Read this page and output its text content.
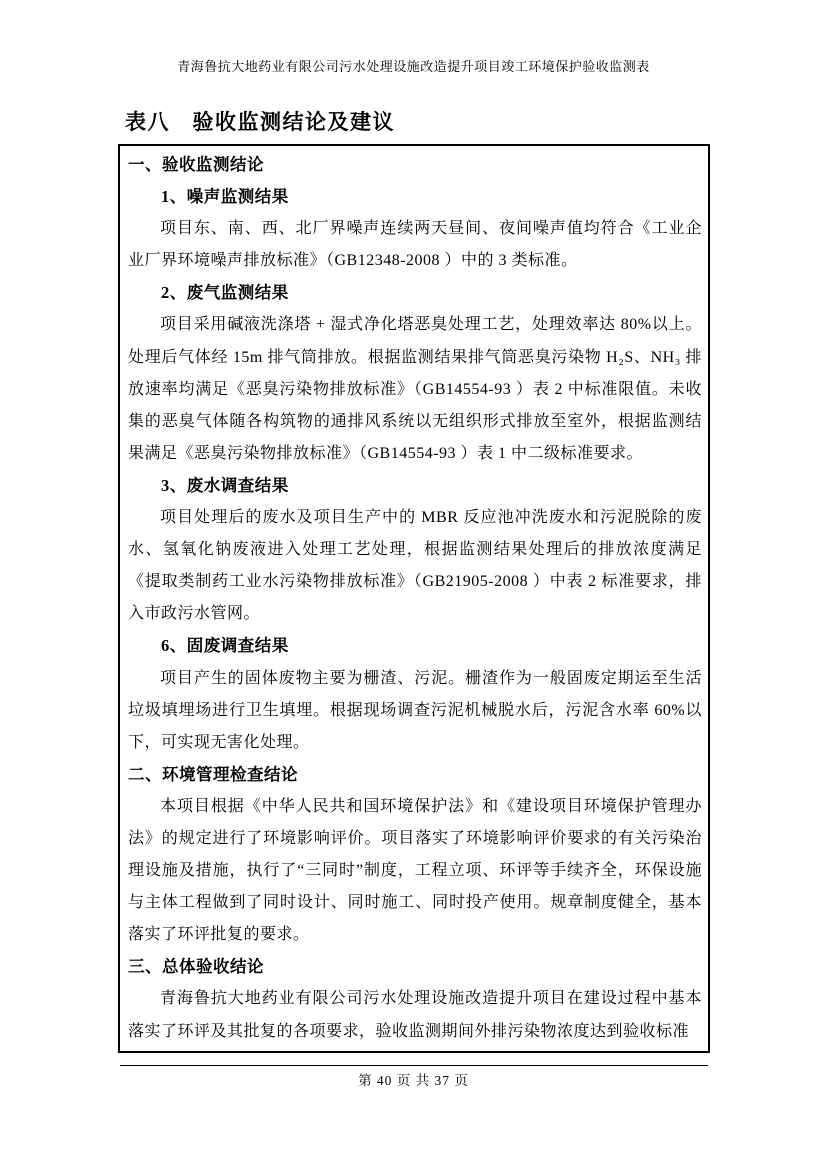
青海鲁抗大地药业有限公司污水处理设施改造提升项目竣工环境保护验收监测表
表八　验收监测结论及建议
一、验收监测结论
1、噪声监测结果

项目东、南、西、北厂界噪声连续两天昼间、夜间噪声值均符合《工业企业厂界环境噪声排放标准》（GB12348-2008 ）中的 3 类标准。

2、废气监测结果

项目采用碱液洗涤塔 + 湿式净化塔恶臭处理工艺，处理效率达 80%以上。处理后气体经 15m 排气筒排放。根据监测结果排气筒恶臭污染物 H₂S、NH₃ 排放速率均满足《恶臭污染物排放标准》（GB14554-93 ）表 2 中标准限值。未收集的恶臭气体随各构筑物的通排风系统以无组织形式排放至室外，根据监测结果满足《恶臭污染物排放标准》（GB14554-93 ）表 1 中二级标准要求。

3、废水调查结果

项目处理后的废水及项目生产中的 MBR 反应池冲洗废水和污泥脱除的废水、氢氧化钠废液进入处理工艺处理，根据监测结果处理后的排放浓度满足《提取类制药工业水污染物排放标准》（GB21905-2008 ）中表 2 标准要求，排入市政污水管网。

6、固废调查结果

项目产生的固体废物主要为栅渣、污泥。栅渣作为一般固废定期运至生活垃圾填埋场进行卫生填埋。根据现场调查污泥机械脱水后，污泥含水率 60%以下，可实现无害化处理。

二、环境管理检查结论

本项目根据《中华人民共和国环境保护法》和《建设项目环境保护管理办法》的规定进行了环境影响评价。项目落实了环境影响评价要求的有关污染治理设施及措施，执行了“三同时”制度，工程立项、环评等手续齐全，环保设施与主体工程做到了同时设计、同时施工、同时投产使用。规章制度健全，基本落实了环评批复的要求。

三、总体验收结论

青海鲁抗大地药业有限公司污水处理设施改造提升项目在建设过程中基本落实了环评及其批复的各项要求，验收监测期间外排污染物浓度达到验收标准

第 40 页 共 37 页
